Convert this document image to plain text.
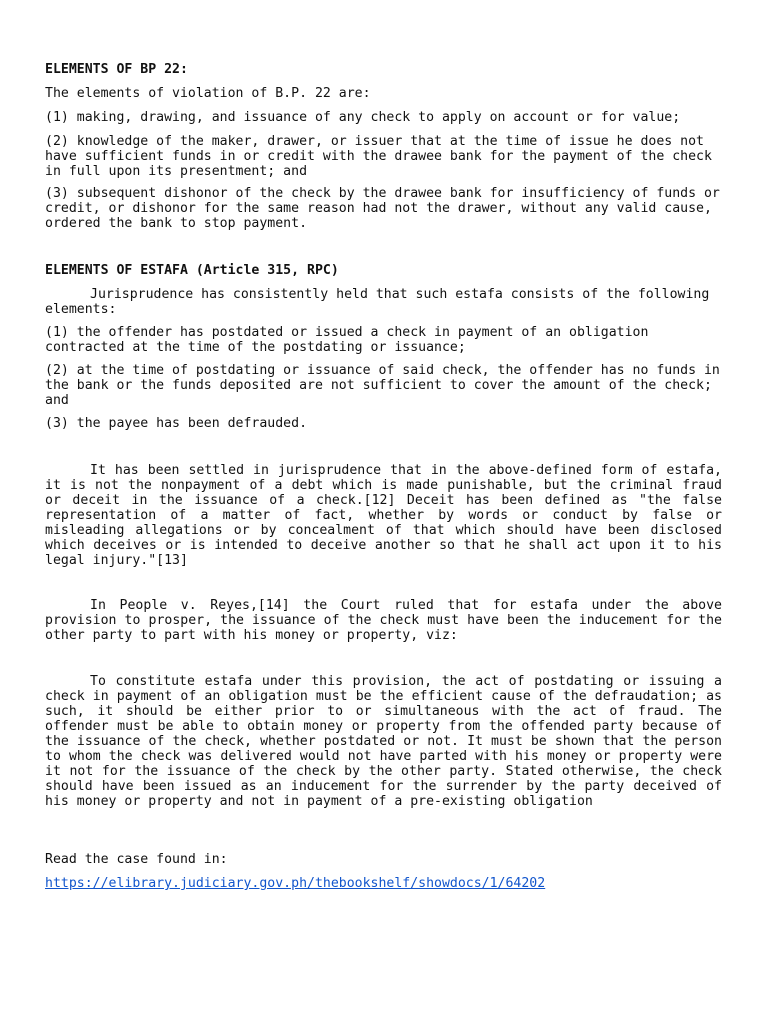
ELEMENTS OF BP 22:

The elements of violation of B.P. 22 are:

(1) making, drawing, and issuance of any check to apply on account or for value;

(2) knowledge of the maker, drawer, or issuer that at the time of issue he does not have sufficient funds in or credit with the drawee bank for the payment of the check in full upon its presentment; and

(3) subsequent dishonor of the check by the drawee bank for insufficiency of funds or credit, or dishonor for the same reason had not the drawer, without any valid cause, ordered the bank to stop payment.

ELEMENTS OF ESTAFA (Article 315, RPC)

Jurisprudence has consistently held that such estafa consists of the following elements:

(1) the offender has postdated or issued a check in payment of an obligation contracted at the time of the postdating or issuance;

(2) at the time of postdating or issuance of said check, the offender has no funds in the bank or the funds deposited are not sufficient to cover the amount of the check; and

(3) the payee has been defrauded.

It has been settled in jurisprudence that in the above-defined form of estafa, it is not the nonpayment of a debt which is made punishable, but the criminal fraud or deceit in the issuance of a check.[12] Deceit has been defined as "the false representation of a matter of fact, whether by words or conduct by false or misleading allegations or by concealment of that which should have been disclosed which deceives or is intended to deceive another so that he shall act upon it to his legal injury."[13]

In People v. Reyes,[14] the Court ruled that for estafa under the above provision to prosper, the issuance of the check must have been the inducement for the other party to part with his money or property, viz:

To constitute estafa under this provision, the act of postdating or issuing a check in payment of an obligation must be the efficient cause of the defraudation; as such, it should be either prior to or simultaneous with the act of fraud. The offender must be able to obtain money or property from the offended party because of the issuance of the check, whether postdated or not. It must be shown that the person to whom the check was delivered would not have parted with his money or property were it not for the issuance of the check by the other party. Stated otherwise, the check should have been issued as an inducement for the surrender by the party deceived of his money or property and not in payment of a pre-existing obligation

Read the case found in:

https://elibrary.judiciary.gov.ph/thebookshelf/showdocs/1/64202
